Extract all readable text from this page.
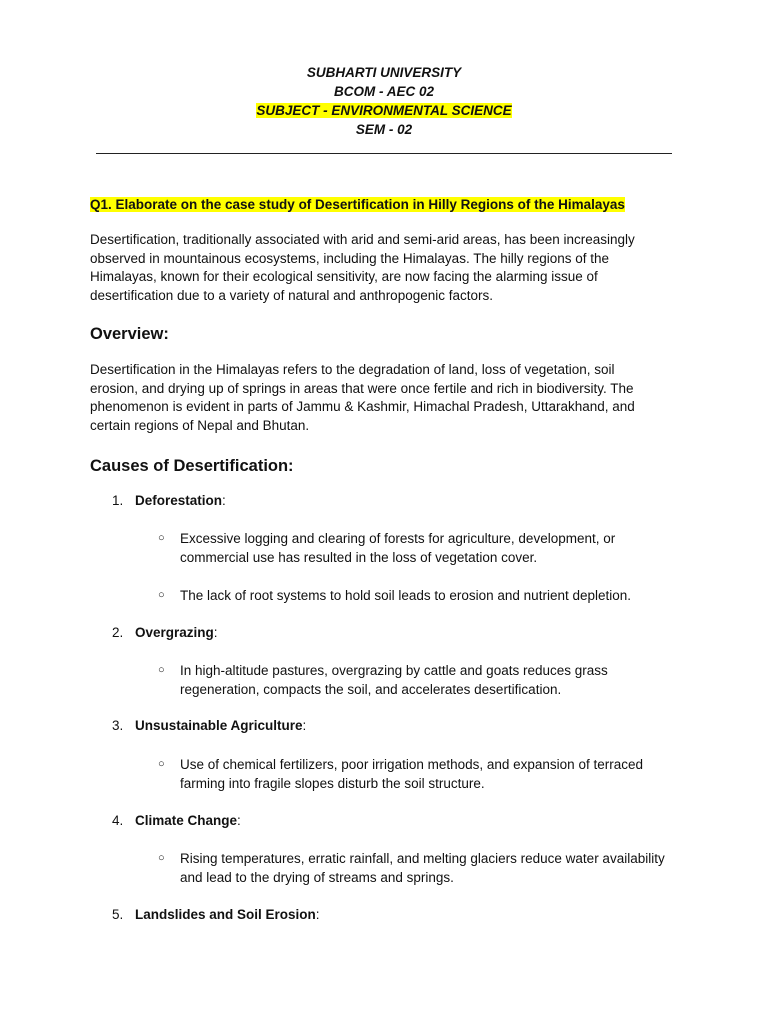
SUBHARTI UNIVERSITY
BCOM - AEC 02
SUBJECT - ENVIRONMENTAL SCIENCE
SEM - 02
Q1. Elaborate on the case study of Desertification in Hilly Regions of the Himalayas
Desertification, traditionally associated with arid and semi-arid areas, has been increasingly
observed in mountainous ecosystems, including the Himalayas. The hilly regions of the
Himalayas, known for their ecological sensitivity, are now facing the alarming issue of
desertification due to a variety of natural and anthropogenic factors.
Overview:
Desertification in the Himalayas refers to the degradation of land, loss of vegetation, soil
erosion, and drying up of springs in areas that were once fertile and rich in biodiversity. The
phenomenon is evident in parts of Jammu & Kashmir, Himachal Pradesh, Uttarakhand, and
certain regions of Nepal and Bhutan.
Causes of Desertification:
1. Deforestation:
○ Excessive logging and clearing of forests for agriculture, development, or
commercial use has resulted in the loss of vegetation cover.
○ The lack of root systems to hold soil leads to erosion and nutrient depletion.
2. Overgrazing:
○ In high-altitude pastures, overgrazing by cattle and goats reduces grass
regeneration, compacts the soil, and accelerates desertification.
3. Unsustainable Agriculture:
○ Use of chemical fertilizers, poor irrigation methods, and expansion of terraced
farming into fragile slopes disturb the soil structure.
4. Climate Change:
○ Rising temperatures, erratic rainfall, and melting glaciers reduce water availability
and lead to the drying of streams and springs.
5. Landslides and Soil Erosion:
